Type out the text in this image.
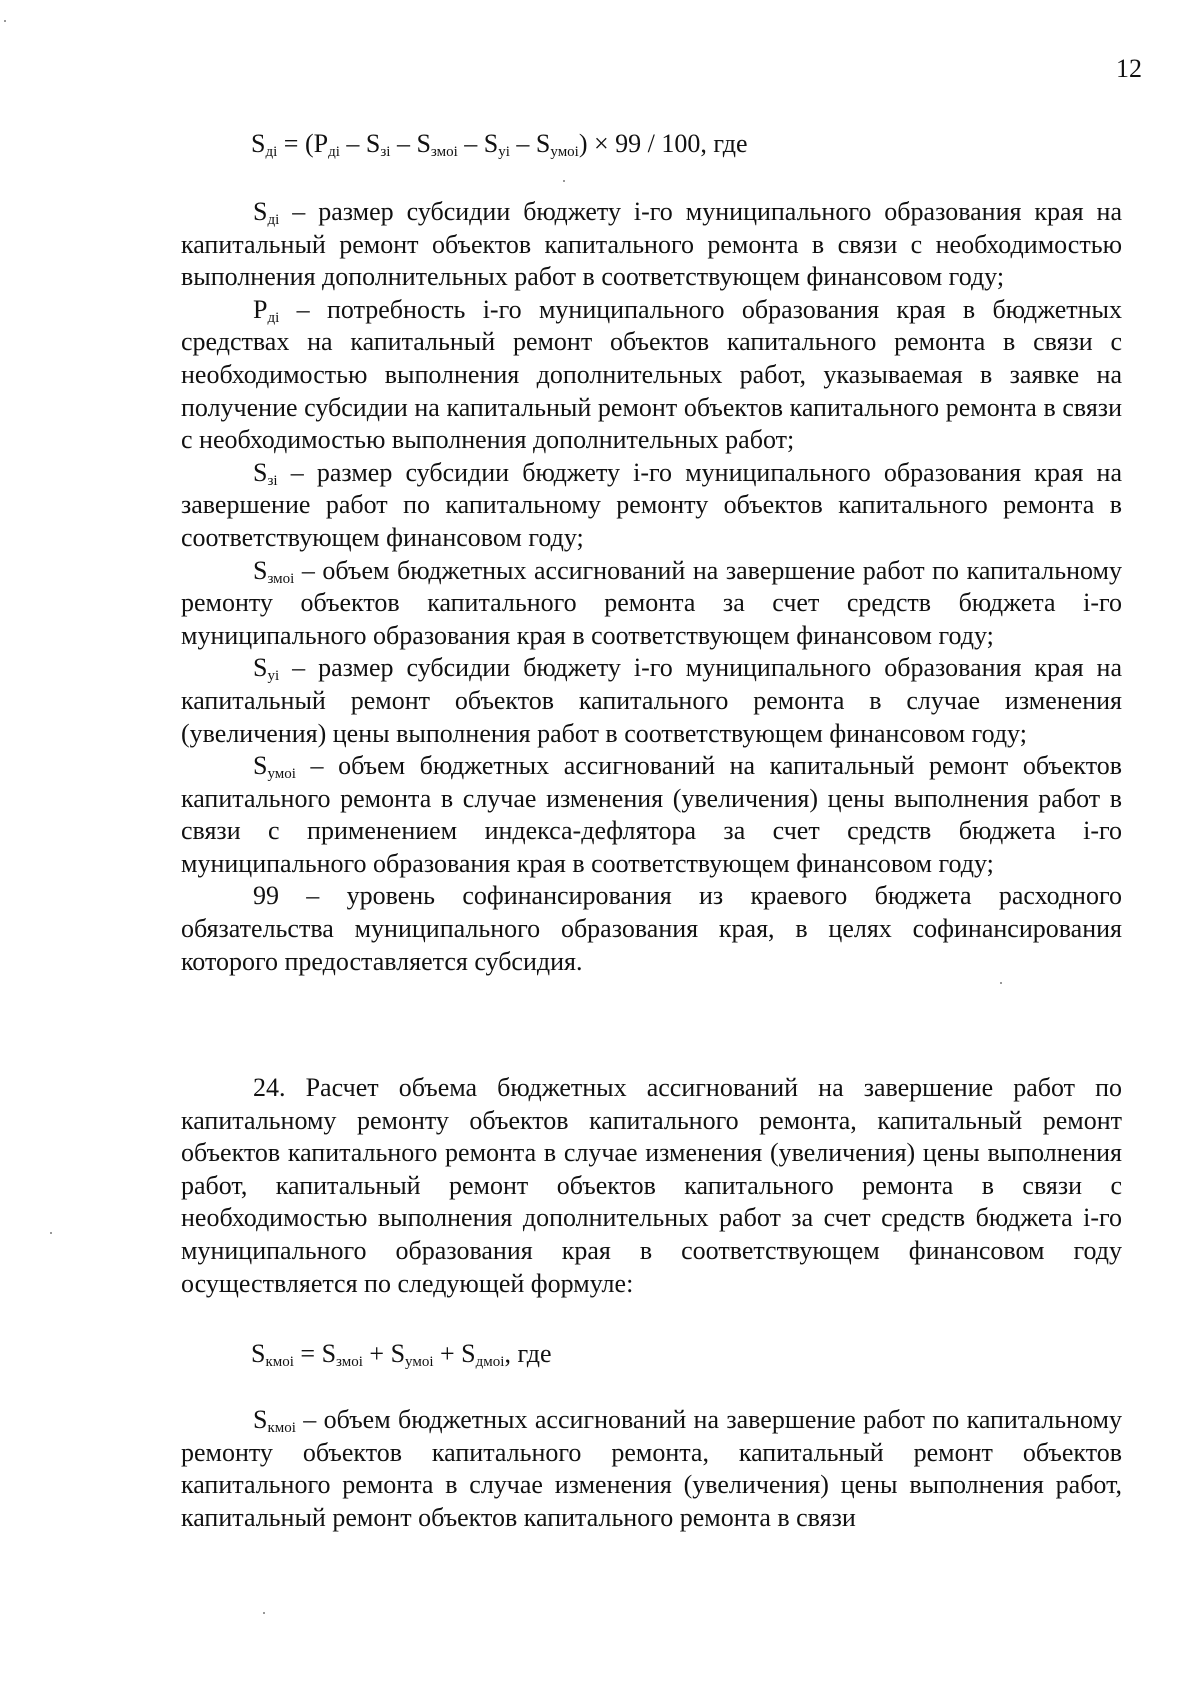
12
$S_{дi} = (P_{дi} - S_{зi} - S_{змоi} - S_{уi} - S_{умоi}) \times 99 / 100$, где

$S_{дi}$ – размер субсидии бюджету i-го муниципального образования края на капитальный ремонт объектов капитального ремонта в связи с необходимостью выполнения дополнительных работ в соответствующем финансовом году;

$P_{дi}$ – потребность i-го муниципального образования края в бюджетных средствах на капитальный ремонт объектов капитального ремонта в связи с необходимостью выполнения дополнительных работ, указываемая в заявке на получение субсидии на капитальный ремонт объектов капитального ремонта в связи с необходимостью выполнения дополнительных работ;

$S_{зi}$ – размер субсидии бюджету i-го муниципального образования края на завершение работ по капитальному ремонту объектов капитального ремонта в соответствующем финансовом году;

$S_{змоi}$ – объем бюджетных ассигнований на завершение работ по капитальному ремонту объектов капитального ремонта за счет средств бюджета i-го муниципального образования края в соответствующем финансовом году;

$S_{уi}$ – размер субсидии бюджету i-го муниципального образования края на капитальный ремонт объектов капитального ремонта в случае изменения (увеличения) цены выполнения работ в соответствующем финансовом году;

$S_{умоi}$ – объем бюджетных ассигнований на капитальный ремонт объектов капитального ремонта в случае изменения (увеличения) цены выполнения работ в связи с применением индекса-дефлятора за счет средств бюджета i-го муниципального образования края в соответствующем финансовом году;

99 – уровень софинансирования из краевого бюджета расходного обязательства муниципального образования края, в целях софинансирования которого предоставляется субсидия.

24. Расчет объема бюджетных ассигнований на завершение работ по капитальному ремонту объектов капитального ремонта, капитальный ремонт объектов капитального ремонта в случае изменения (увеличения) цены выполнения работ, капитальный ремонт объектов капитального ремонта в связи с необходимостью выполнения дополнительных работ за счет средств бюджета i-го муниципального образования края в соответствующем финансовом году осуществляется по следующей формуле:

$S_{кмоi} = S_{змоi} + S_{умоi} + S_{дмоi}$, где

$S_{кмоi}$ – объем бюджетных ассигнований на завершение работ по капитальному ремонту объектов капитального ремонта, капитальный ремонт объектов капитального ремонта в случае изменения (увеличения) цены выполнения работ, капитальный ремонт объектов капитального ремонта в связи
